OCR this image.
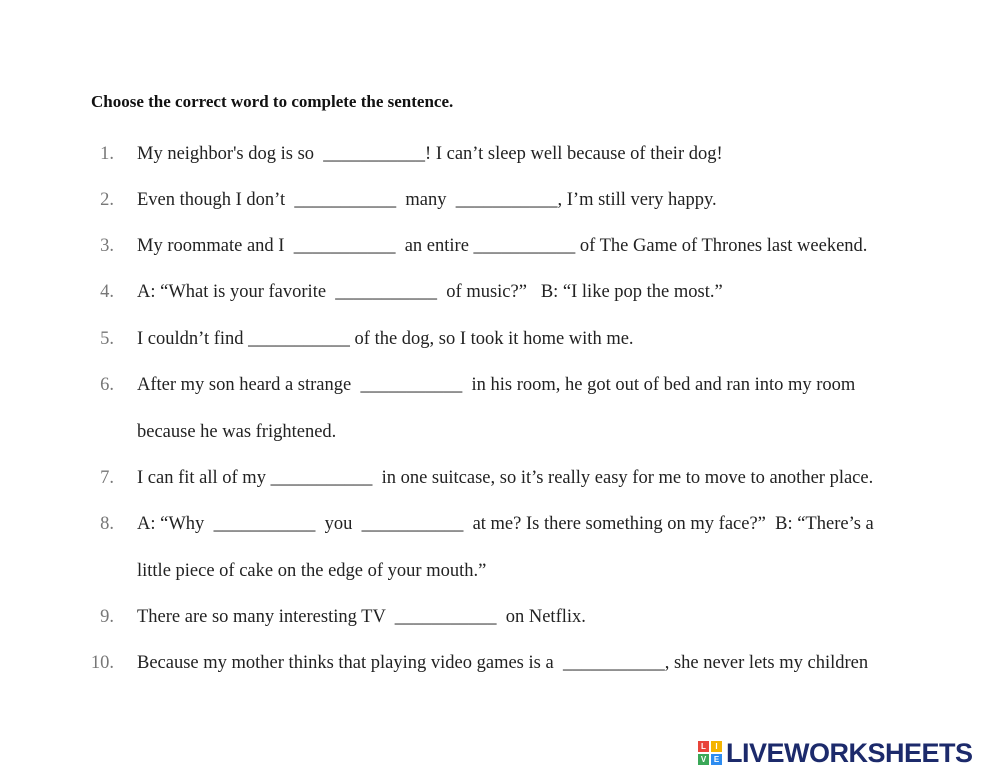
Choose the correct word to complete the sentence.
1. My neighbor's dog is so  ___________! I can’t sleep well because of their dog!
2. Even though I don’t  ___________  many  ___________, I’m still very happy.
3. My roommate and I  ___________  an entire ___________ of The Game of Thrones last weekend.
4. A: “What is your favorite  ___________  of music?”   B: “I like pop the most.”
5. I couldn’t find ___________ of the dog, so I took it home with me.
6. After my son heard a strange  ___________  in his room, he got out of bed and ran into my room
because he was frightened.
7. I can fit all of my ___________  in one suitcase, so it’s really easy for me to move to another place.
8. A: “Why  ___________  you  ___________  at me? Is there something on my face?”  B: “There’s a
little piece of cake on the edge of your mouth.”
9. There are so many interesting TV  ___________  on Netflix.
10. Because my mother thinks that playing video games is a  ___________, she never lets my children
L	I
V E LIVEWORKSHEETS
